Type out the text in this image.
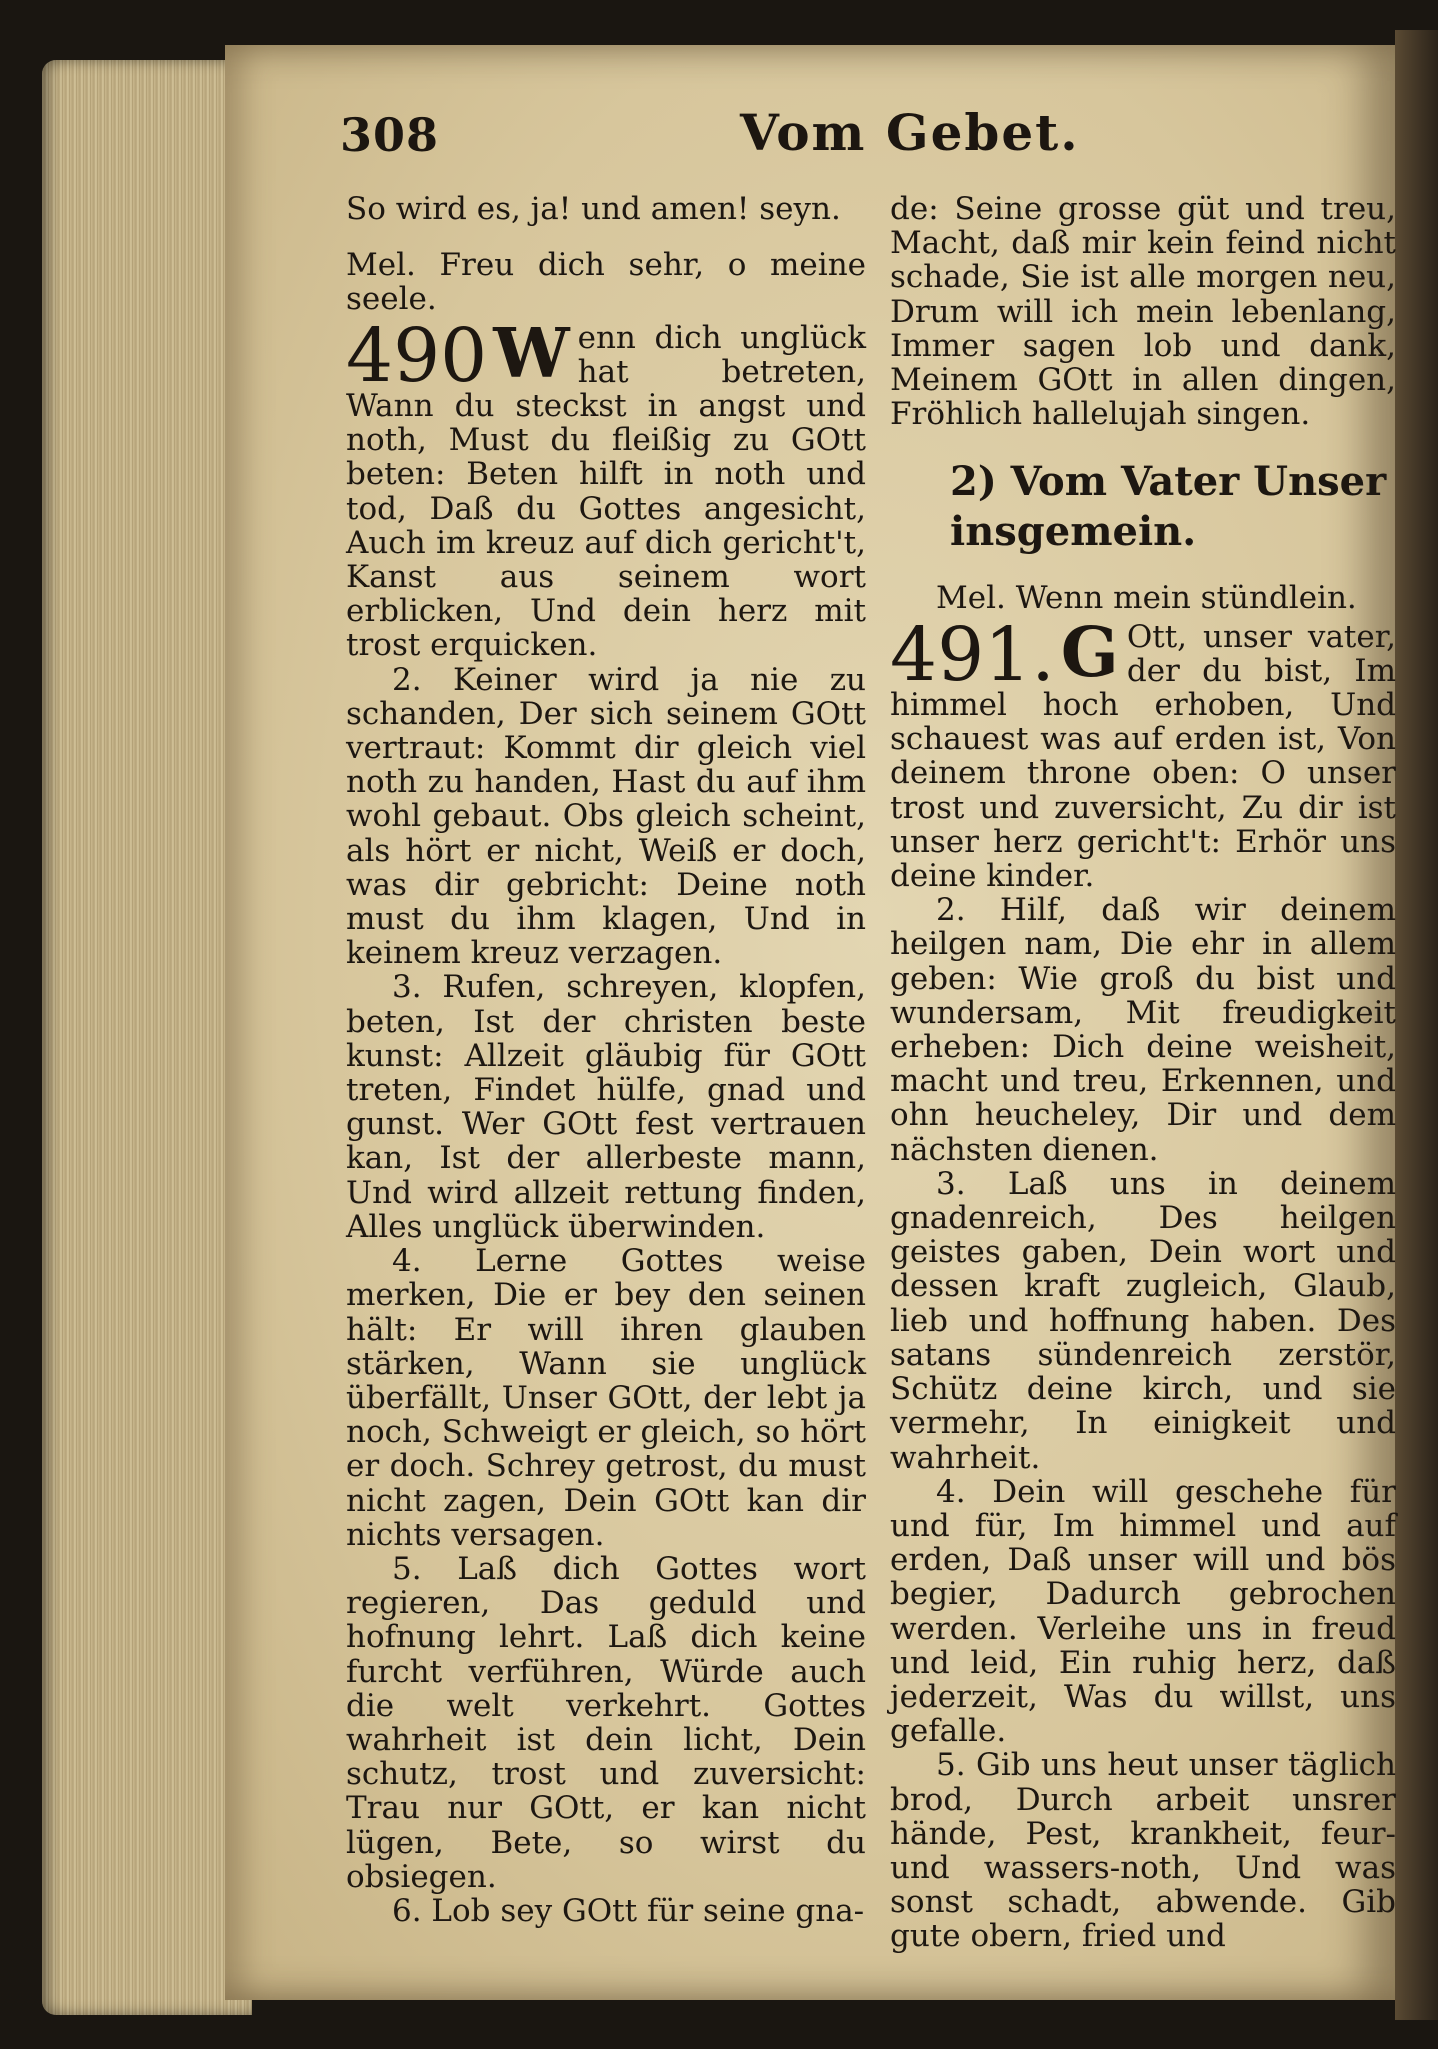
308	Vom Gebet.

So wird es, ja! und amen! seyn.

Mel. Freu dich sehr, o meine seele.

490 W enn dich unglück hat betreten, Wann du steckst in angst und noth, Must du fleißig zu GOtt beten: Beten hilft in noth und tod, Daß du Gottes angesicht, Auch im kreuz auf dich gericht't, Kanst aus seinem wort erblicken, Und dein herz mit trost erquicken.

2. Keiner wird ja nie zu schanden, Der sich seinem GOtt vertraut: Kommt dir gleich viel noth zu handen, Hast du auf ihm wohl gebaut. Obs gleich scheint, als hört er nicht, Weiß er doch, was dir gebricht: Deine noth must du ihm klagen, Und in keinem kreuz verzagen.

3. Rufen, schreyen, klopfen, beten, Ist der christen beste kunst: Allzeit gläubig für GOtt treten, Findet hülfe, gnad und gunst. Wer GOtt fest vertrauen kan, Ist der allerbeste mann, Und wird allzeit rettung finden, Alles unglück überwinden.

4. Lerne Gottes weise merken, Die er bey den seinen hält: Er will ihren glauben stärken, Wann sie unglück überfällt, Unser GOtt, der lebt ja noch, Schweigt er gleich, so hört er doch. Schrey getrost, du must nicht zagen, Dein GOtt kan dir nichts versagen.

5. Laß dich Gottes wort regieren, Das geduld und hofnung lehrt. Laß dich keine furcht verführen, Würde auch die welt verkehrt. Gottes wahrheit ist dein licht, Dein schutz, trost und zuversicht: Trau nur GOtt, er kan nicht lügen, Bete, so wirst du obsiegen.

6. Lob sey GOtt für seine gna-

de: Seine grosse güt und treu, Macht, daß mir kein feind nicht schade, Sie ist alle morgen neu, Drum will ich mein lebenlang, Immer sagen lob und dank, Meinem GOtt in allen dingen, Fröhlich hallelujah singen.

2) Vom Vater Unser insgemein.

Mel. Wenn mein stündlein.

491. G Ott, unser vater, der du bist, Im himmel hoch erhoben, Und schauest was auf erden ist, Von deinem throne oben: O unser trost und zuversicht, Zu dir ist unser herz gericht't: Erhör uns deine kinder.

2. Hilf, daß wir deinem heilgen nam, Die ehr in allem geben: Wie groß du bist und wundersam, Mit freudigkeit erheben: Dich deine weisheit, macht und treu, Erkennen, und ohn heucheley, Dir und dem nächsten dienen.

3. Laß uns in deinem gnadenreich, Des heilgen geistes gaben, Dein wort und dessen kraft zugleich, Glaub, lieb und hoffnung haben. Des satans sündenreich zerstör, Schütz deine kirch, und sie vermehr, In einigkeit und wahrheit.

4. Dein will geschehe für und für, Im himmel und auf erden, Daß unser will und bös begier, Dadurch gebrochen werden. Verleihe uns in freud und leid, Ein ruhig herz, daß jederzeit, Was du willst, uns gefalle.

5. Gib uns heut unser täglich brod, Durch arbeit unsrer hände, Pest, krankheit, feur- und wassers-noth, Und was sonst schadt, abwende. Gib gute obern, fried und
